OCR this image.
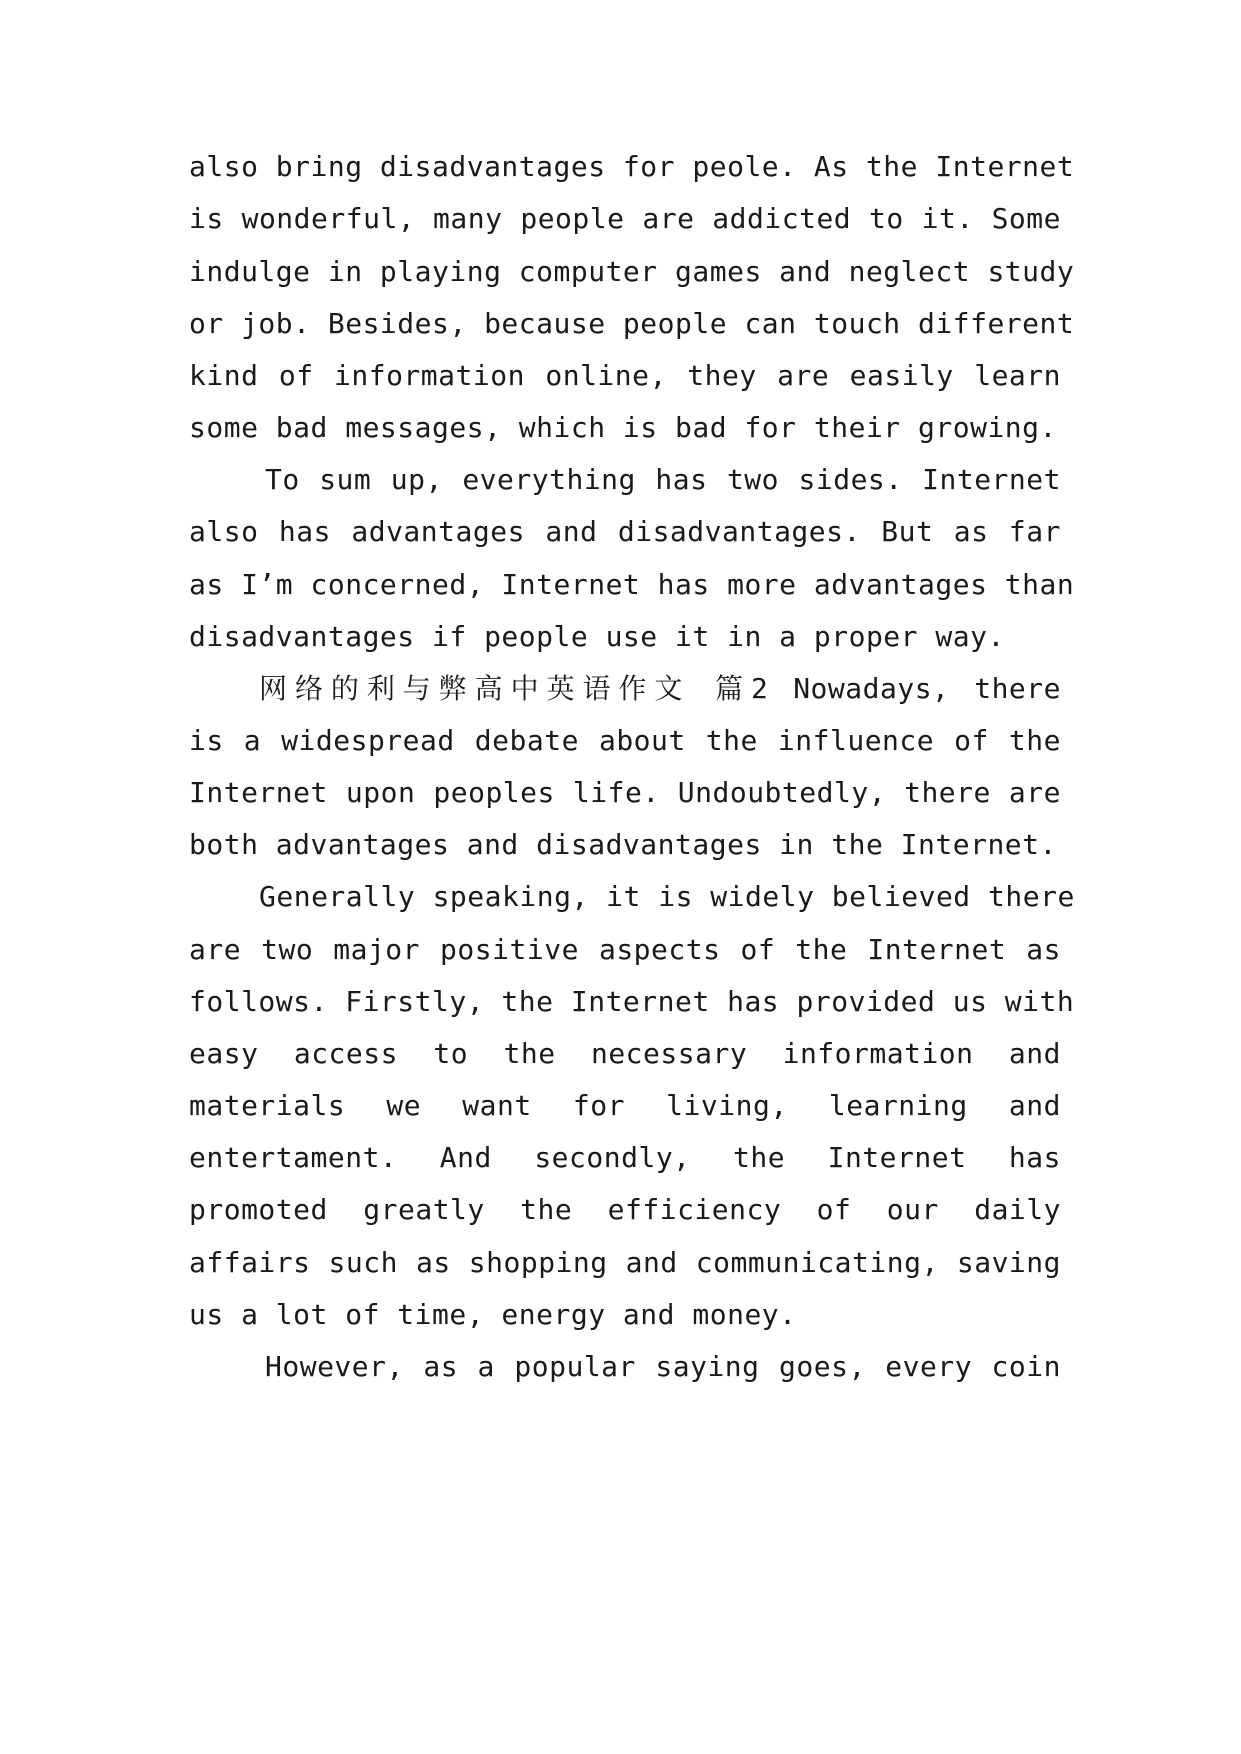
also bring disadvantages for peole. As the Internet
is wonderful, many people are addicted to it. Some
indulge in playing computer games and neglect study
or job. Besides, because people can touch different
kind of information online, they are easily learn
some bad messages, which is bad for their growing.
To sum up, everything has two sides. Internet
also has advantages and disadvantages. But as far
as I’m concerned, Internet has more advantages than
disadvantages if people use it in a proper way.
网络的利与弊高中英语作文 篇2 Nowadays, there
is a widespread debate about the influence of the
Internet upon peoples life. Undoubtedly, there are
both advantages and disadvantages in the Internet.
Generally speaking, it is widely believed there
are two major positive aspects of the Internet as
follows. Firstly, the Internet has provided us with
easy access to the necessary information and
materials we want for living, learning and
entertament. And secondly, the Internet has
promoted greatly the efficiency of our daily
affairs such as shopping and communicating, saving
us a lot of time, energy and money.
However, as a popular saying goes, every coin
